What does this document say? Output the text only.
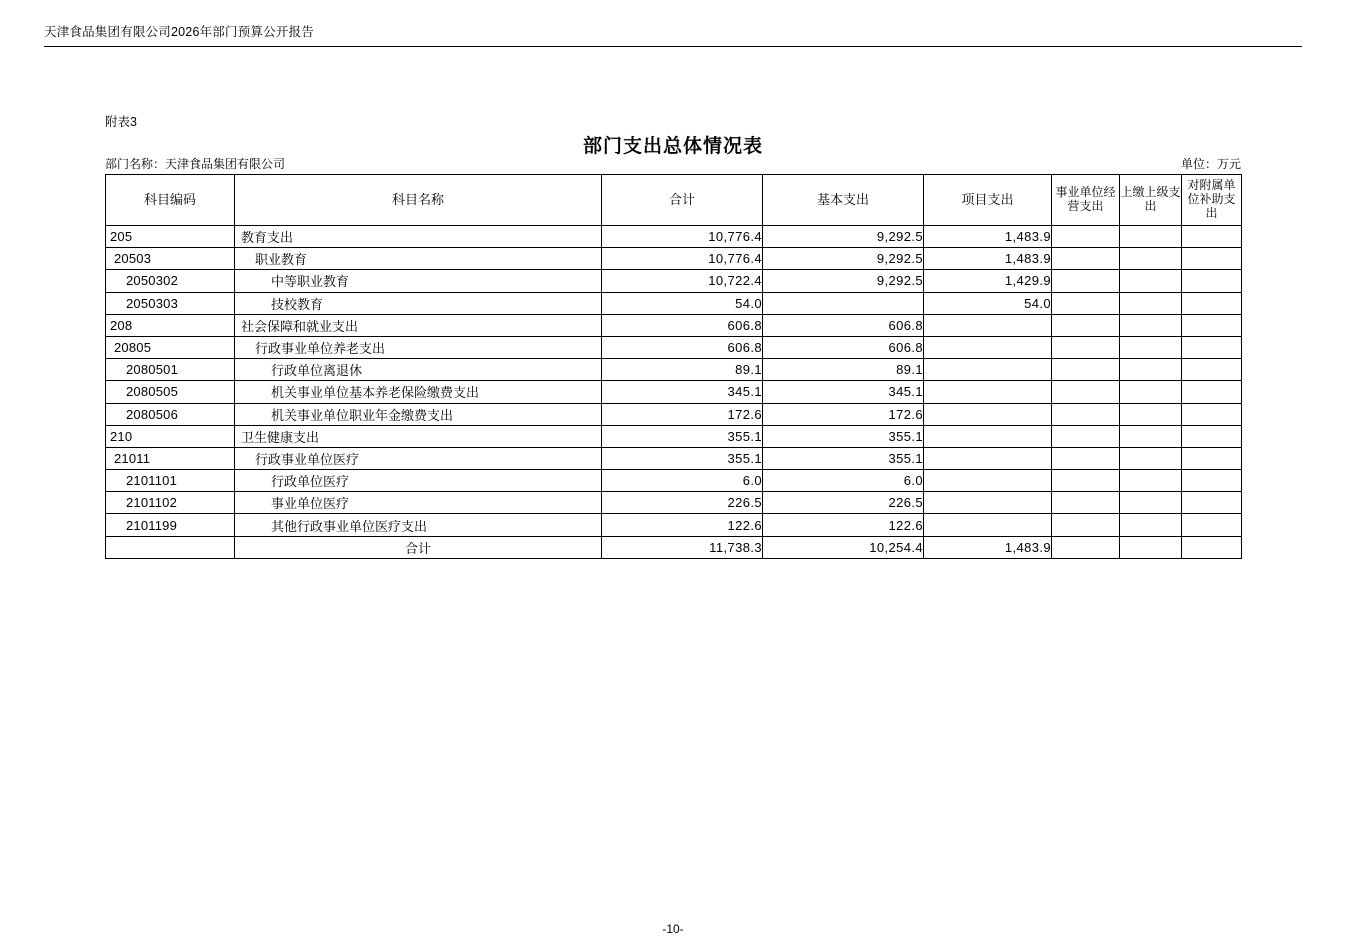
天津食品集团有限公司2026年部门预算公开报告
附表3
部门支出总体情况表
部门名称：天津食品集团有限公司	单位：万元
科目编码	科目名称	合计	基本支出	项目支出	事业单位经营支出	上缴上级支出	对附属单位补助支出
205	教育支出	10,776.4	9,292.5	1,483.9			
20503	职业教育	10,776.4	9,292.5	1,483.9			
2050302	中等职业教育	10,722.4	9,292.5	1,429.9			
2050303	技校教育	54.0		54.0			
208	社会保障和就业支出	606.8	606.8				
20805	行政事业单位养老支出	606.8	606.8				
2080501	行政单位离退休	89.1	89.1				
2080505	机关事业单位基本养老保险缴费支出	345.1	345.1				
2080506	机关事业单位职业年金缴费支出	172.6	172.6				
210	卫生健康支出	355.1	355.1				
21011	行政事业单位医疗	355.1	355.1				
2101101	行政单位医疗	6.0	6.0				
2101102	事业单位医疗	226.5	226.5				
2101199	其他行政事业单位医疗支出	122.6	122.6				
	合计	11,738.3	10,254.4	1,483.9			
-10-
